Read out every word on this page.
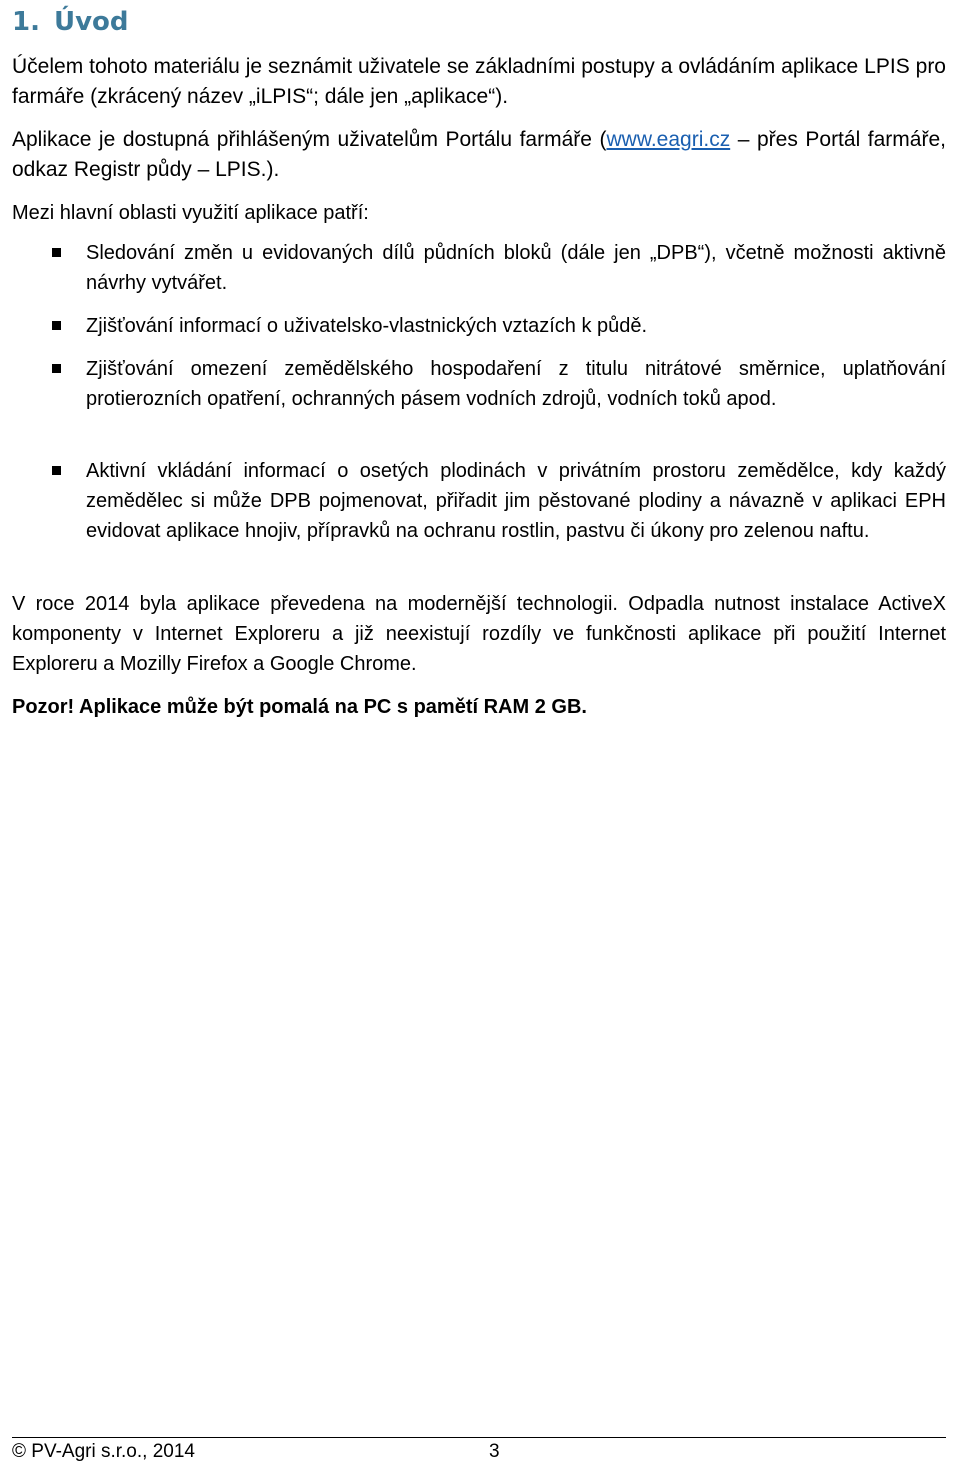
1. Úvod

Účelem tohoto materiálu je seznámit uživatele se základními postupy a ovládáním aplikace LPIS pro farmáře (zkrácený název „iLPIS“; dále jen „aplikace“).

Aplikace je dostupná přihlášeným uživatelům Portálu farmáře (www.eagri.cz – přes Portál farmáře, odkaz Registr půdy – LPIS.).

Mezi hlavní oblasti využití aplikace patří:

Sledování změn u evidovaných dílů půdních bloků (dále jen „DPB“), včetně možnosti aktivně návrhy vytvářet.
Zjišťování informací o uživatelsko-vlastnických vztazích k půdě.
Zjišťování omezení zemědělského hospodaření z titulu nitrátové směrnice, uplatňování protierozních opatření, ochranných pásem vodních zdrojů, vodních toků apod.
Aktivní vkládání informací o osetých plodinách v privátním prostoru zemědělce, kdy každý zemědělec si může DPB pojmenovat, přiřadit jim pěstované plodiny a návazně v aplikaci EPH evidovat aplikace hnojiv, přípravků na ochranu rostlin, pastvu či úkony pro zelenou naftu.

V roce 2014 byla aplikace převedena na modernější technologii. Odpadla nutnost instalace ActiveX komponenty v Internet Exploreru a již neexistují rozdíly ve funkčnosti aplikace při použití Internet Exploreru a Mozilly Firefox a Google Chrome.

Pozor! Aplikace může být pomalá na PC s pamětí RAM 2 GB.

© PV-Agri s.r.o., 2014	3
